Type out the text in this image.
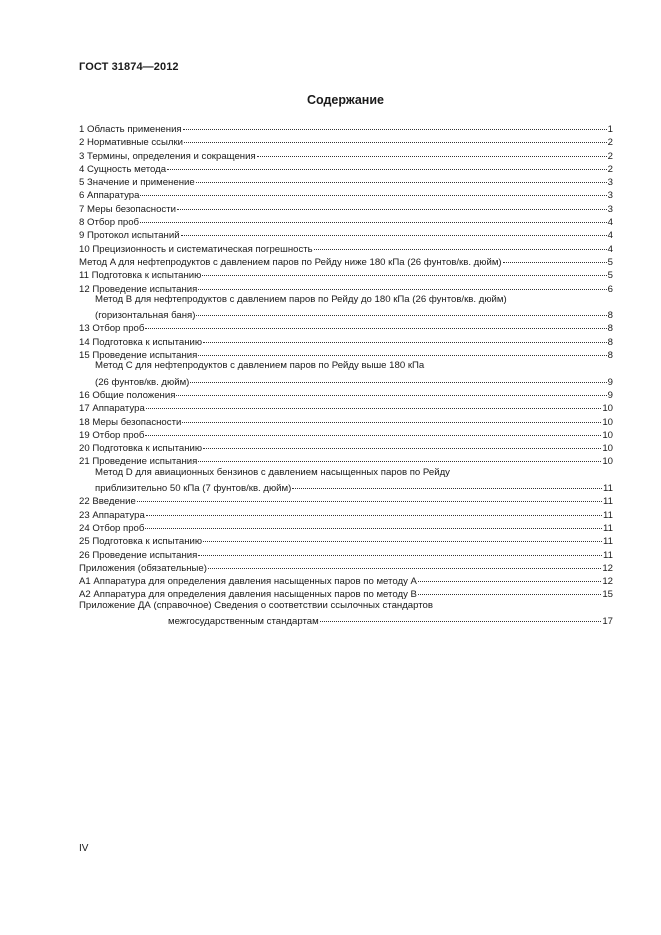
ГОСТ 31874—2012
Содержание
1 Область применения	1
2 Нормативные ссылки	2
3 Термины, определения и сокращения	2
4 Сущность метода	2
5 Значение и применение	3
6 Аппаратура	3
7 Меры безопасности	3
8 Отбор проб	4
9 Протокол испытаний	4
10 Прецизионность и систематическая погрешность	4
Метод A для нефтепродуктов с давлением паров по Рейду ниже 180 кПа (26 фунтов/кв. дюйм)	5
11 Подготовка к испытанию	5
12 Проведение испытания	6
Метод B для нефтепродуктов с давлением паров по Рейду до 180 кПа (26 фунтов/кв. дюйм)
(горизонтальная баня)	8
13 Отбор проб	8
14 Подготовка к испытанию	8
15 Проведение испытания	8
Метод C для нефтепродуктов с давлением паров по Рейду выше 180 кПа
(26 фунтов/кв. дюйм)	9
16 Общие положения	9
17 Аппаратура	10
18 Меры безопасности	10
19 Отбор проб	10
20 Подготовка к испытанию	10
21 Проведение испытания	10
Метод D для авиационных бензинов с давлением насыщенных паров по Рейду
приблизительно 50 кПа (7 фунтов/кв. дюйм)	11
22 Введение	11
23 Аппаратура	11
24 Отбор проб	11
25 Подготовка к испытанию	11
26 Проведение испытания	11
Приложения (обязательные)	12
А1 Аппаратура для определения давления насыщенных паров по методу А	12
А2 Аппаратура для определения давления насыщенных паров по методу В	15
Приложение ДА (справочное) Сведения о соответствии ссылочных стандартов
межгосударственным стандартам	17
IV
